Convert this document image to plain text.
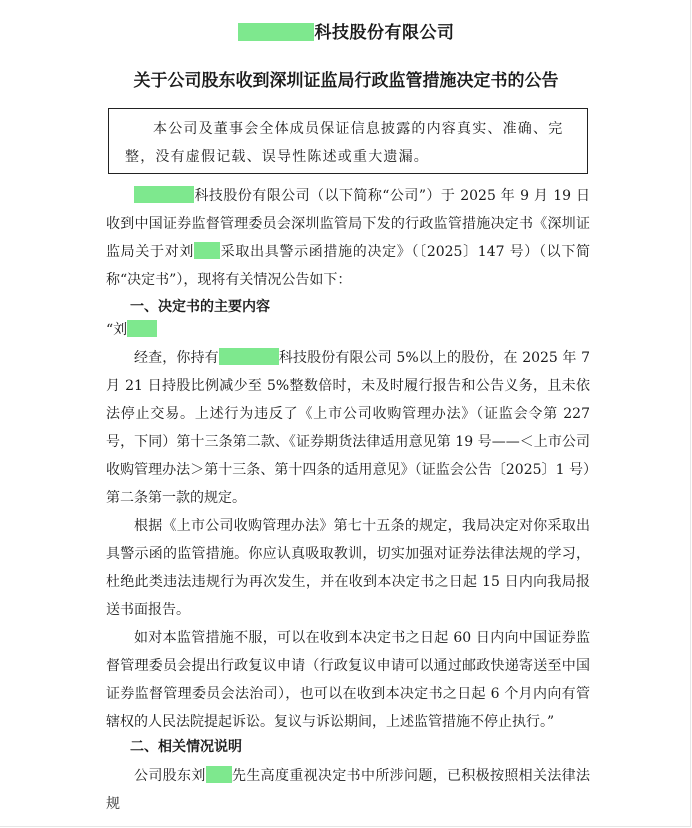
科技股份有限公司
关于公司股东收到深圳证监局行政监管措施决定书的公告

本公司及董事会全体成员保证信息披露的内容真实、准确、完整，没有虚假记载、误导性陈述或重大遗漏。

科技股份有限公司（以下简称“公司”）于 2025 年 9 月 19 日收到中国证券监督管理委员会深圳监管局下发的行政监管措施决定书《深圳证监局关于对刘 采取出具警示函措施的决定》（〔2025〕147 号）（以下简称“决定书”），现将有关情况公告如下：

一、决定书的主要内容

“刘

经查，你持有	科技股份有限公司 5%以上的股份，在 2025 年 7 月 21 日持股比例减少至 5%整数倍时，未及时履行报告和公告义务，且未依法停止交易。上述行为违反了《上市公司收购管理办法》（证监会令第 227 号，下同）第十三条第二款、《证券期货法律适用意见第 19 号——＜上市公司收购管理办法＞第十三条、第十四条的适用意见》（证监会公告〔2025〕1 号）第二条第一款的规定。

根据《上市公司收购管理办法》第七十五条的规定，我局决定对你采取出具警示函的监管措施。你应认真吸取教训，切实加强对证券法律法规的学习，杜绝此类违法违规行为再次发生，并在收到本决定书之日起 15 日内向我局报送书面报告。

如对本监管措施不服，可以在收到本决定书之日起 60 日内向中国证券监督管理委员会提出行政复议申请（行政复议申请可以通过邮政快递寄送至中国证券监督管理委员会法治司），也可以在收到本决定书之日起 6 个月内向有管辖权的人民法院提起诉讼。复议与诉讼期间，上述监管措施不停止执行。”

二、相关情况说明

公司股东刘 先生高度重视决定书中所涉问题，已积极按照相关法律法规
